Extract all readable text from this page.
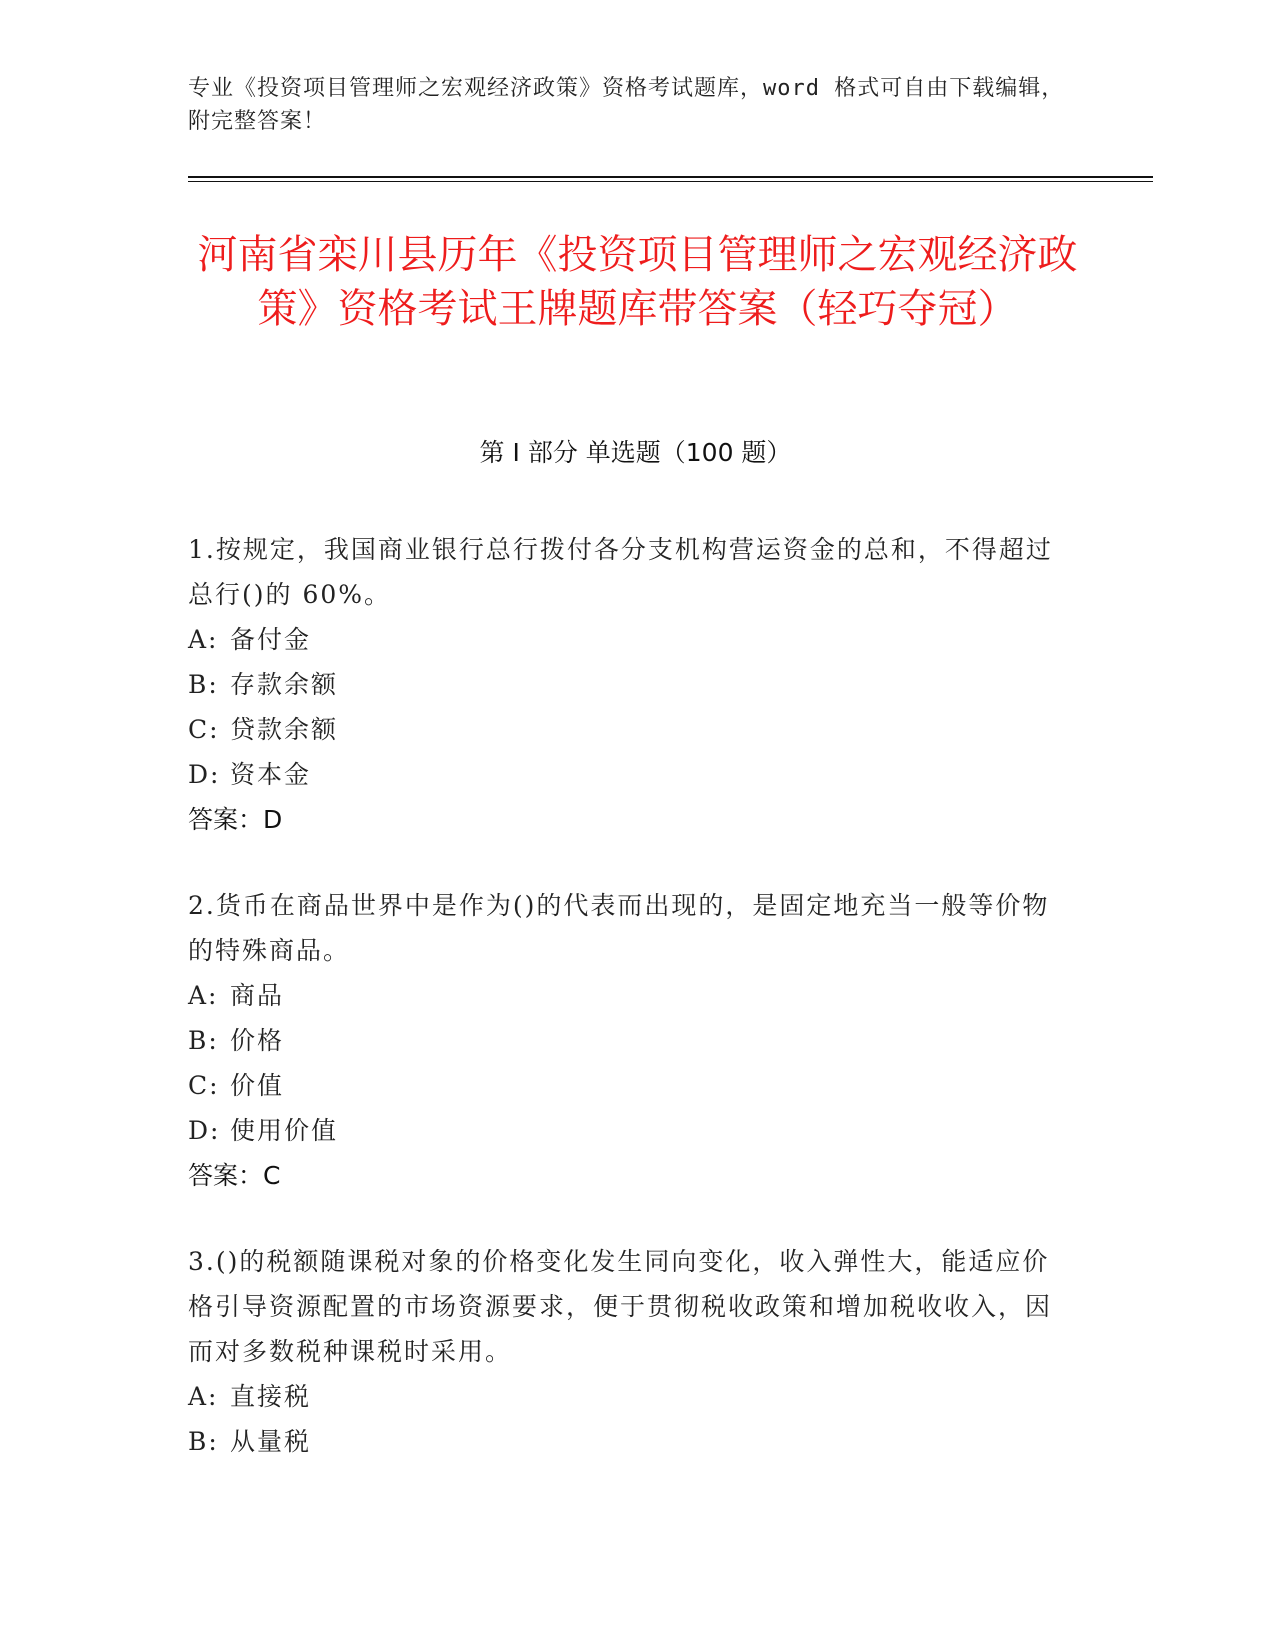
专业《投资项目管理师之宏观经济政策》资格考试题库，word 格式可自由下载编辑，附完整答案！
河南省栾川县历年《投资项目管理师之宏观经济政策》资格考试王牌题库带答案（轻巧夺冠）
第 I 部分 单选题（100 题）

1.按规定，我国商业银行总行拨付各分支机构营运资金的总和，不得超过总行()的 60%。

A: 备付金

B: 存款余额

C: 贷款余额

D: 资本金

答案：D

2.货币在商品世界中是作为()的代表而出现的，是固定地充当一般等价物的特殊商品。

A: 商品

B: 价格

C: 价值

D: 使用价值

答案：C

3.()的税额随课税对象的价格变化发生同向变化，收入弹性大，能适应价格引导资源配置的市场资源要求，便于贯彻税收政策和增加税收收入，因而对多数税种课税时采用。

A: 直接税

B: 从量税
